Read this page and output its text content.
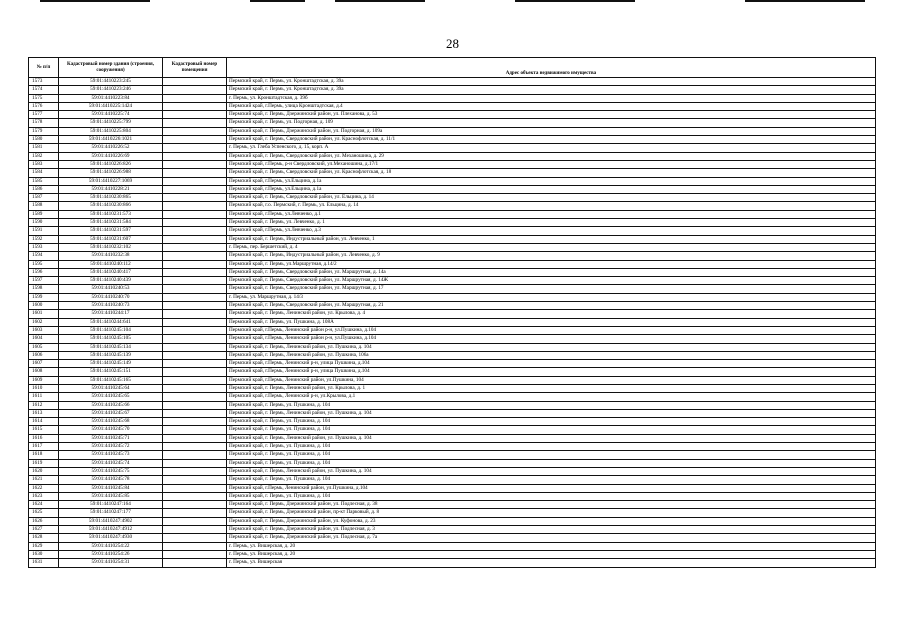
28
№ п/п	Кадастровый номер здания (строения, сооружения)	Кадастровый номер помещения	
			Адрес объекта недвижимого имущества
1573	59:01:4410223:245		Пермский край, г. Пермь, ул. Кронштадтская, д. 39а
1574	59:01:4410223:246		Пермский край, г. Пермь, ул. Кронштадтская, д. 39а
1575	59:01:4410223:84		г. Пермь, ул. Кронштадтская, д. 39б
1576	59:01:4410225:1424		Пермский край, г.Пермь, улица Кронштадтская, д.4
1577	59:01:4410225:74		Пермский край, г. Пермь, Дзержинский район, ул. Плеханова, д. 53
1578	59:01:4410225:799		Пермский край, г. Пермь, ул. Подгорная, д. 109
1579	59:01:4410225:804		Пермский край, г. Пермь, Дзержинский район, ул. Подгорная, д. 109а
1580	59:01:4410226:1021		Пермский край, г. Пермь, Свердловский район, ул. Краснофлотская, д. 11/1
1581	59:01:4410226:52		г. Пермь, ул. Глеба Успенского, д. 15, корп. А
1582	59:01:4410226:69		Пермский край, г. Пермь, Свердловский район, ул. Механошина, д. 29
1583	59:01:4410226:826		Пермский край, г.Пермь, р-н Свердловский, ул.Механошина, д.17/1
1584	59:01:4410226:988		Пермский край, г. Пермь, Свердловский район, ул. Краснофлотская, д. 18
1585	59:01:4410227:1069		Пермский край, г.Пермь, ул.Ельцина, д.1а
1586	59:01:4410228:21		Пермский край, г.Пермь, ул.Ельцина, д.1а
1587	59:01:4410230:865		Пермский край, г. Пермь, Свердловский район, ул. Ельцина, д. 14
1588	59:01:4410230:866		Пермский край, г.о. Пермский, г. Пермь, ул. Ельцина, д. 14
1589	59:01:4410231:573		Пермский край, г.Пермь, ул.Левченко, д.1
1590	59:01:4410231:584		Пермский край, г. Пермь, ул. Левченко, д. 1
1591	59:01:4410231:597		Пермский край, г.Пермь, ул.Левченко, д.3
1592	59:01:4410231:607		Пермский край, г. Пермь, Индустриальный район, ул. Левченко, 1
1593	59:01:4410232:102		г. Пермь, пер. Бершетский, д. 4
1594	59:01:4410232:38		Пермский край, г. Пермь, Индустриальный район, ул. Левченко, д. 9
1595	59:01:4410240:112		Пермский край, г. Пермь, ул.Маршрутная, д.14/2
1596	59:01:4410240:417		Пермский край, г. Пермь, Свердловский район, ул. Маршрутная, д. 14а
1597	59:01:4410240:439		Пермский край, г. Пермь, Свердловский район, ул. Маршрутная, д. 14Ж
1598	59:01:4410240:53		Пермский край, г. Пермь, Свердловский район, ул. Маршрутная, д. 17
1599	59:01:4410240:70		г. Пермь, ул. Маршрутная, д. 14/3
1600	59:01:4410240:73		Пермский край, г. Пермь, Свердловский район, ул. Маршрутная, д. 21
1601	59:01:4410244:17		Пермский край, г. Пермь, Ленинский район, ул. Крылова, д. 4
1602	59:01:4410244:641		Пермский край, г. Пермь, ул. Пушкина, д. 108А
1603	59:01:4410245:104		Пермский край, г.Пермь, Ленинский район р-н, ул.Пушкина, д.104
1604	59:01:4410245:105		Пермский край, г.Пермь, Ленинский район р-н, ул.Пушкина, д.104
1605	59:01:4410245:134		Пермский край, г. Пермь, Ленинский район, ул. Пушкина, д. 104
1606	59:01:4410245:139		Пермский край, г. Пермь, Ленинский район, ул. Пушкина, 106а
1607	59:01:4410245:149		Пермский край, г.Пермь, Ленинский р-н, улица Пушкина, д.104
1608	59:01:4410245:151		Пермский край, г.Пермь, Ленинский р-н, улица Пушкина, д.104
1609	59:01:4410245:165		Пермский край, г.Пермь, Ленинский район, ул.Пушкина, 104
1610	59:01:4410245:64		Пермский край, г. Пермь, Ленинский район, ул. Крылова, д. 1
1611	59:01:4410245:65		Пермский край, г.Пермь, Ленинский р-н, ул.Крылова, д.1
1612	59:01:4410245:66		Пермский край, г. Пермь, ул. Пушкина, д. 104
1613	59:01:4410245:67		Пермский край, г. Пермь, Ленинский район, ул. Пушкина, д. 104
1614	59:01:4410245:68		Пермский край, г. Пермь, ул. Пушкина, д. 104
1615	59:01:4410245:70		Пермский край, г. Пермь, ул. Пушкина, д. 104
1616	59:01:4410245:71		Пермский край, г. Пермь, Ленинский район, ул. Пушкина, д. 104
1617	59:01:4410245:72		Пермский край, г. Пермь, ул. Пушкина, д. 104
1618	59:01:4410245:73		Пермский край, г. Пермь, ул. Пушкина, д. 104
1619	59:01:4410245:74		Пермский край, г. Пермь, ул. Пушкина, д. 104
1620	59:01:4410245:75		Пермский край, г. Пермь, Ленинский район, ул. Пушкина, д. 104
1621	59:01:4410245:78		Пермский край, г. Пермь, ул. Пушкина, д. 104
1622	59:01:4410245:84		Пермский край, г.Пермь, Ленинский район, ул.Пушкина, д.104
1623	59:01:4410245:85		Пермский край, г. Пермь, ул. Пушкина, д. 104
1624	59:01:4410247:164		Пермский край, г. Пермь, Дзержинский район, ул. Подлесная, д. 38
1625	59:01:4410247:177		Пермский край, г. Пермь, Дзержинский район, пр-кт Парковый, д. 8
1626	59:01:4410247:4902		Пермский край, г. Пермь, Дзержинский район, ул. Куфонова, д. 23
1627	59:01:4410247:4912		Пермский край, г. Пермь, Дзержинский район, ул. Подлесная, д. 3
1628	59:01:4410247:4930		Пермский край, г. Пермь, Дзержинский район, ул. Подлесная, д. 7а
1629	59:01:4410254:22		г. Пермь, ул. Вишерская, д. 20
1630	59:01:4410254:26		г. Пермь, ул. Вишерская, д. 20
1631	59:01:4410254:31		г. Пермь, ул. Вишерская
